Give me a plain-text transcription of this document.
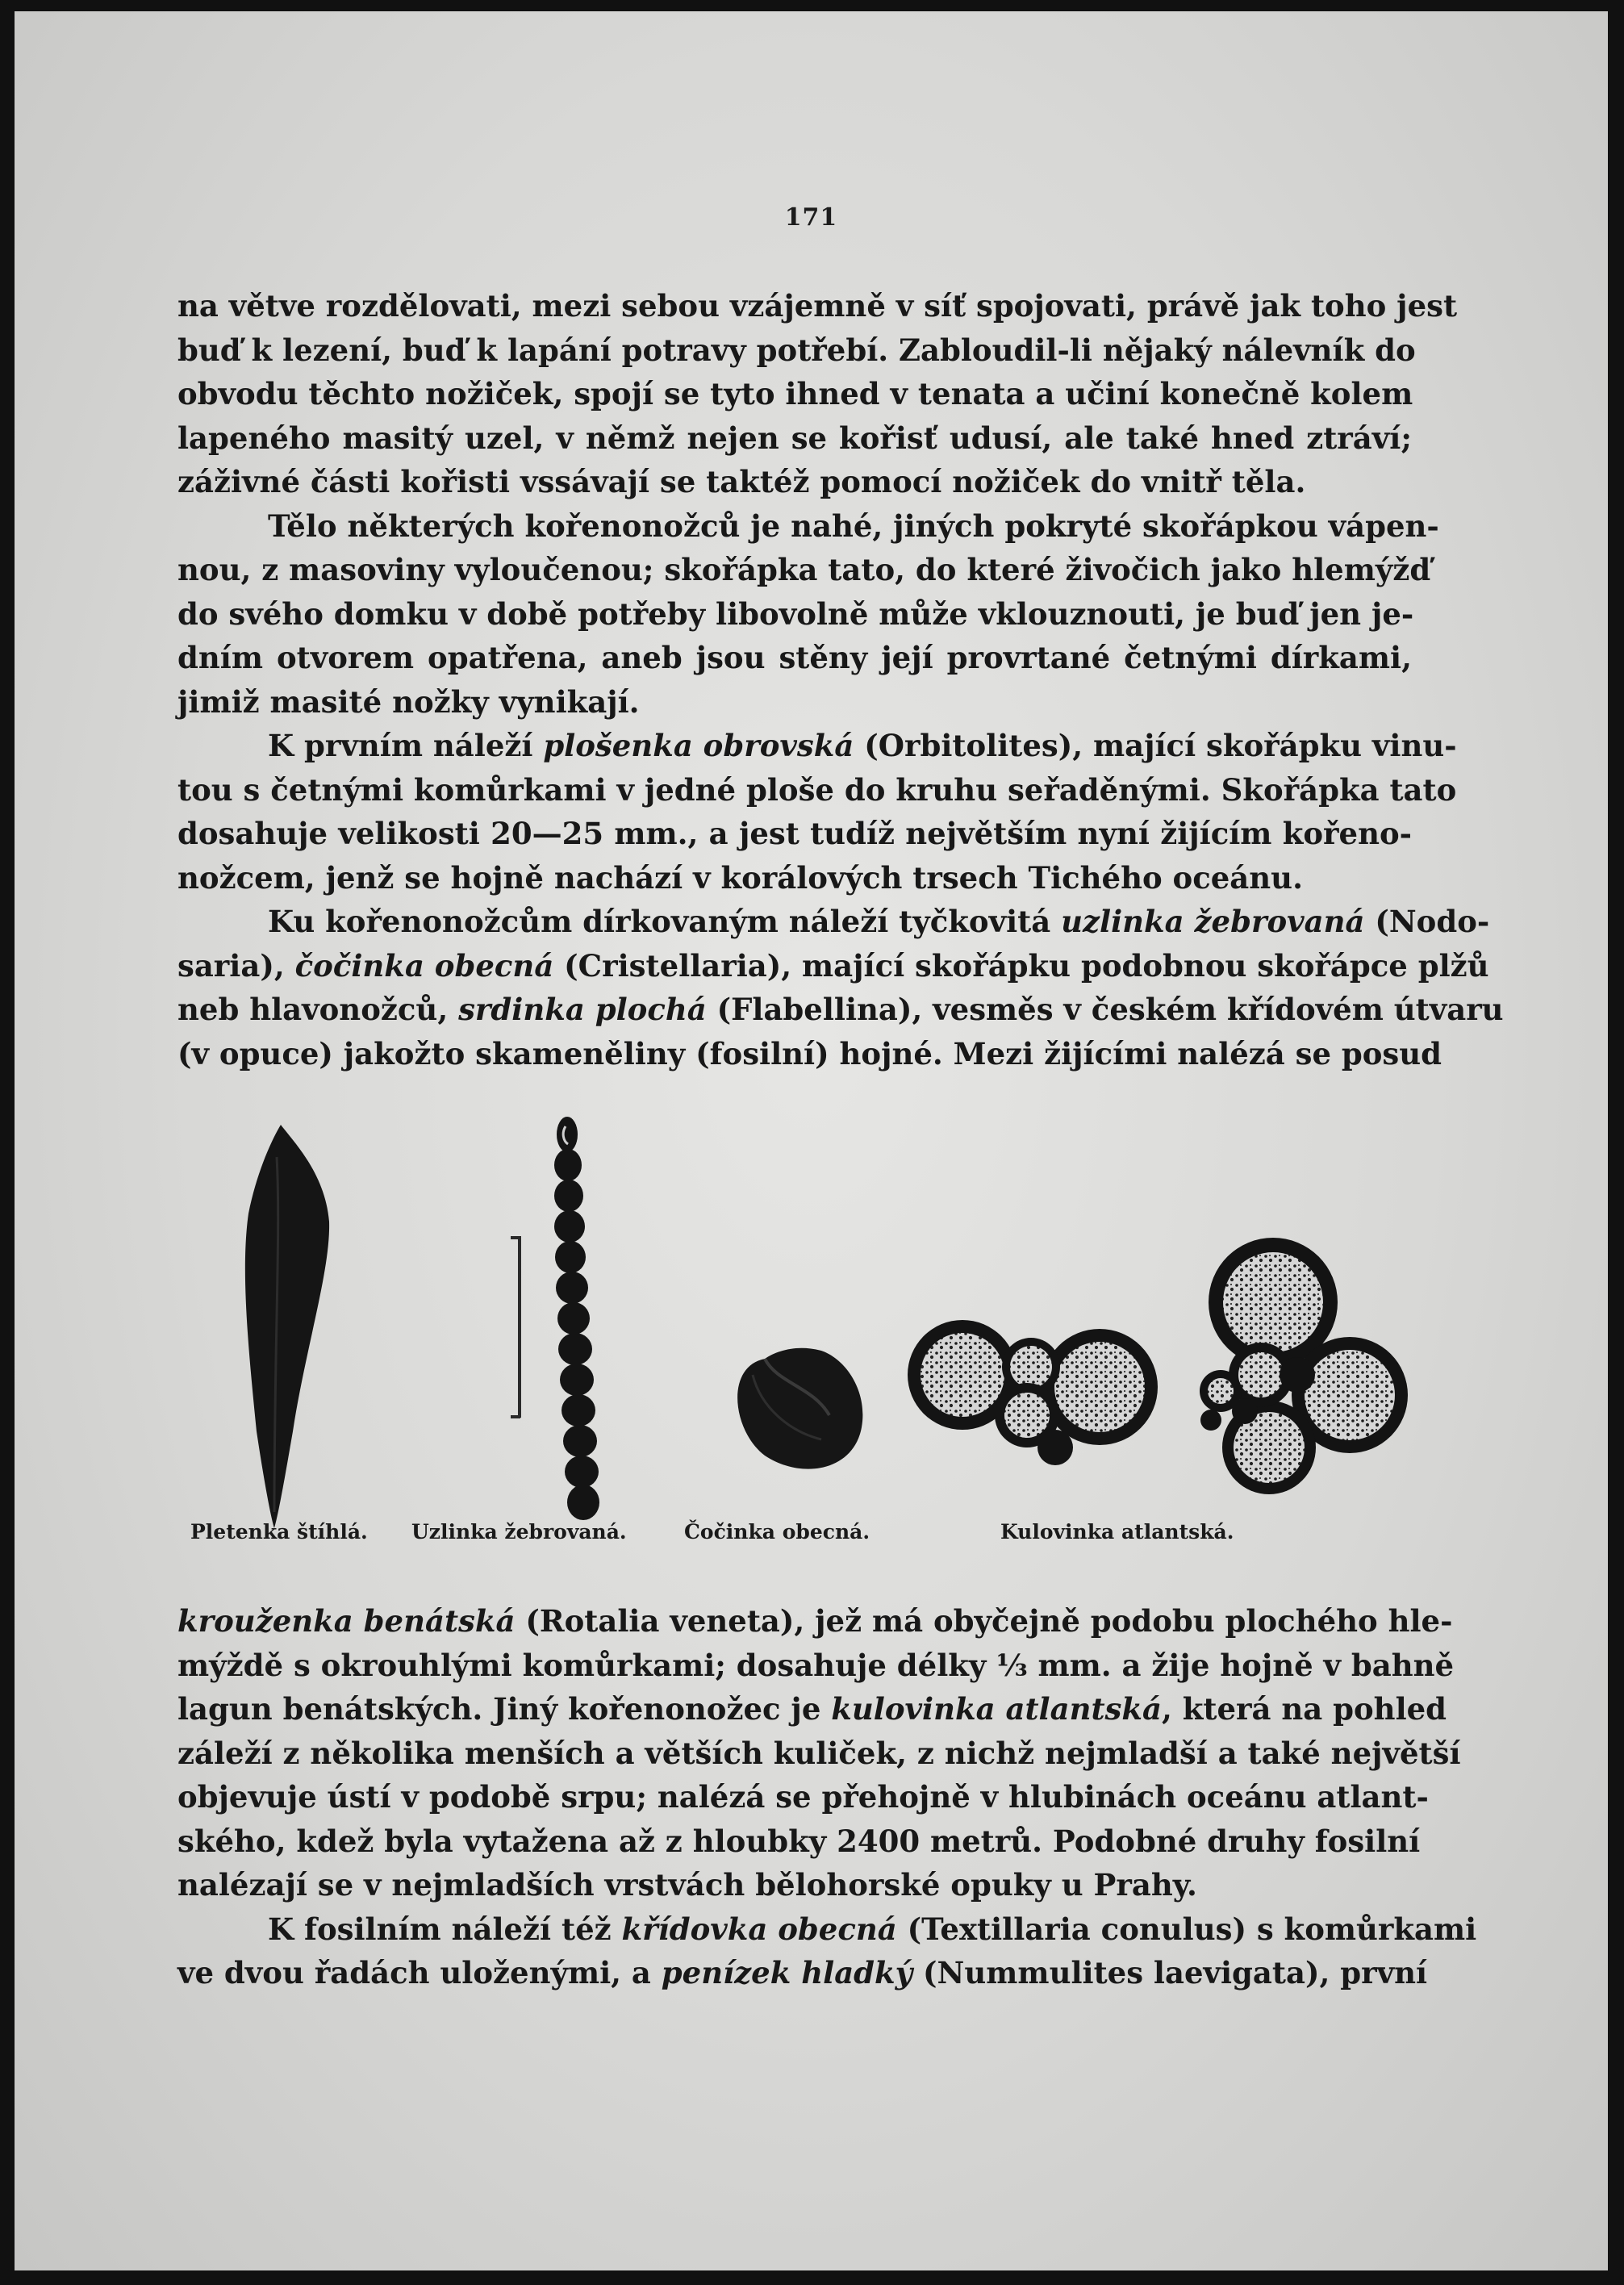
171

na větve rozdělovati, mezi sebou vzájemně v síť spojovati, právě jak toho jest
buď k lezení, buď k lapání potravy potřebí. Zabloudil-li nějaký nálevník do
obvodu těchto nožiček, spojí se tyto ihned v tenata a učiní konečně kolem
lapeného masitý uzel, v němž nejen se kořisť udusí, ale také hned ztráví;
záživné části kořisti vssávají se taktéž pomocí nožiček do vnitř těla.

Tělo některých kořenonožců je nahé, jiných pokryté skořápkou vápen-
nou, z masoviny vyloučenou; skořápka tato, do které živočich jako hlemýžď
do svého domku v době potřeby libovolně může vklouznouti, je buď jen je-
dním otvorem opatřena, aneb jsou stěny její provrtané četnými dírkami,
jimiž masité nožky vynikají.

K prvním náleží plošenka obrovská (Orbitolites), mající skořápku vinu-
tou s četnými komůrkami v jedné ploše do kruhu seřaděnými. Skořápka tato
dosahuje velikosti 20—25 mm., a jest tudíž největším nyní žijícím kořeno-
nožcem, jenž se hojně nachází v korálových trsech Tichého oceánu.

Ku kořenonožcům dírkovaným náleží tyčkovitá uzlinka žebrovaná (Nodo-
saria), čočinka obecná (Cristellaria), mající skořápku podobnou skořápce plžů
neb hlavonožců, srdinka plochá (Flabellina), vesměs v českém křídovém útvaru
(v opuce) jakožto skameněliny (fosilní) hojné. Mezi žijícími nalézá se posud

Pletenka štíhlá. Uzlinka žebrovaná.	Čočinka obecná.	Kulovinka atlantská.

krouženka benátská (Rotalia veneta), jež má obyčejně podobu plochého hle-
mýždě s okrouhlými komůrkami; dosahuje délky ⅓ mm. a žije hojně v bahně
lagun benátských. Jiný kořenonožec je kulovinka atlantská, která na pohled
záleží z několika menších a větších kuliček, z nichž nejmladší a také největší
objevuje ústí v podobě srpu; nalézá se přehojně v hlubinách oceánu atlant-
ského, kdež byla vytažena až z hloubky 2400 metrů. Podobné druhy fosilní
nalézají se v nejmladších vrstvách bělohorské opuky u Prahy.

K fosilním náleží též křídovka obecná (Textillaria conulus) s komůrkami
ve dvou řadách uloženými, a penízek hladký (Nummulites laevigata), první
